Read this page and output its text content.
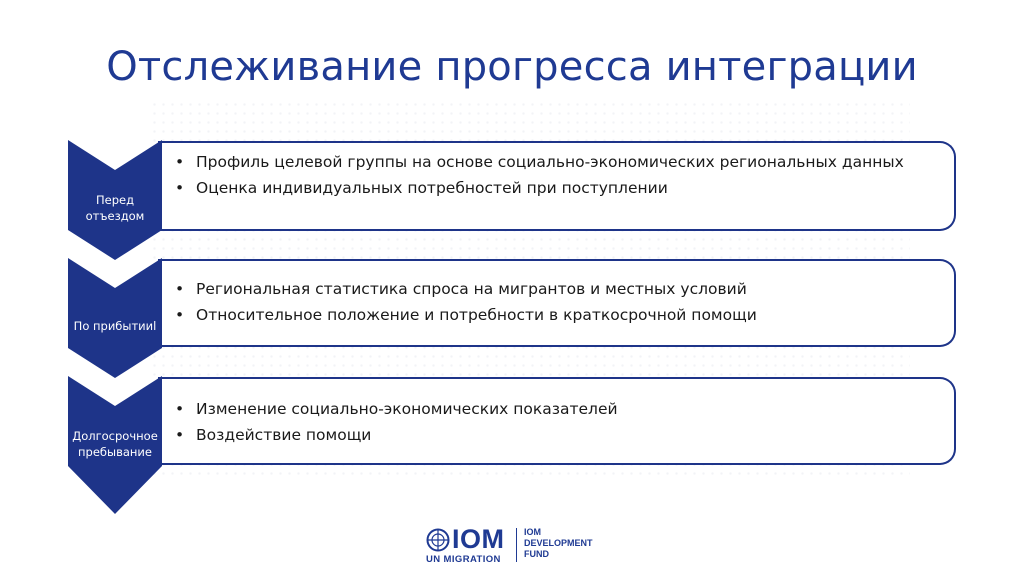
Отслеживание прогресса интеграции
• Профиль целевой группы на основе социально-экономических региональных данных
• Оценка индивидуальных потребностей при поступлении
Перед
отъездом
• Региональная статистика спроса на мигрантов и местных условий
• Относительное положение и потребности в краткосрочной помощи
По прибытииl
• Изменение социально-экономических показателей
• Воздействие помощи
Долгосрочное
пребывание
IOM
UN MIGRATION
IOM
DEVELOPMENT
FUND
